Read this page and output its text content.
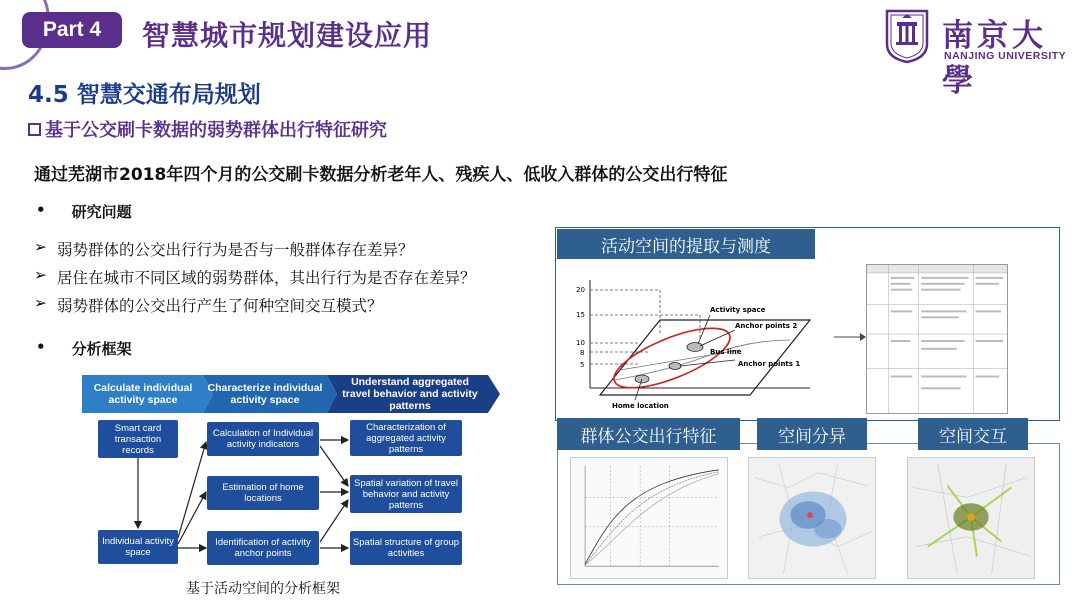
Part 4	智慧城市规划建设应用	南京大學
NANJING UNIVERSITY
4.5 智慧交通布局规划
基于公交刷卡数据的弱势群体出行特征研究
通过芜湖市2018年四个月的公交刷卡数据分析老年人、残疾人、低收入群体的公交出行特征
• 研究问题
➢ 弱势群体的公交出行行为是否与一般群体存在差异？
➢ 居住在城市不同区域的弱势群体，其出行行为是否存在差异？
➢ 弱势群体的公交出行产生了何种空间交互模式？
• 分析框架
Calculate individual activity space
Characterize individual activity space
Understand aggregated travel behavior and activity patterns
Smart card transaction records
Individual activity space
Calculation of Individual activity indicators
Estimation of home locations
Identification of activity anchor points
Characterization of aggregated activity patterns
Spatial variation of travel behavior and activity patterns
Spatial structure of group activities
基于活动空间的分析框架
活动空间的提取与测度
20
15
10
8
5
Activity space
Anchor points 2
Bus line
Anchor points 1
Home location
群体公交出行特征	空间分异	空间交互
